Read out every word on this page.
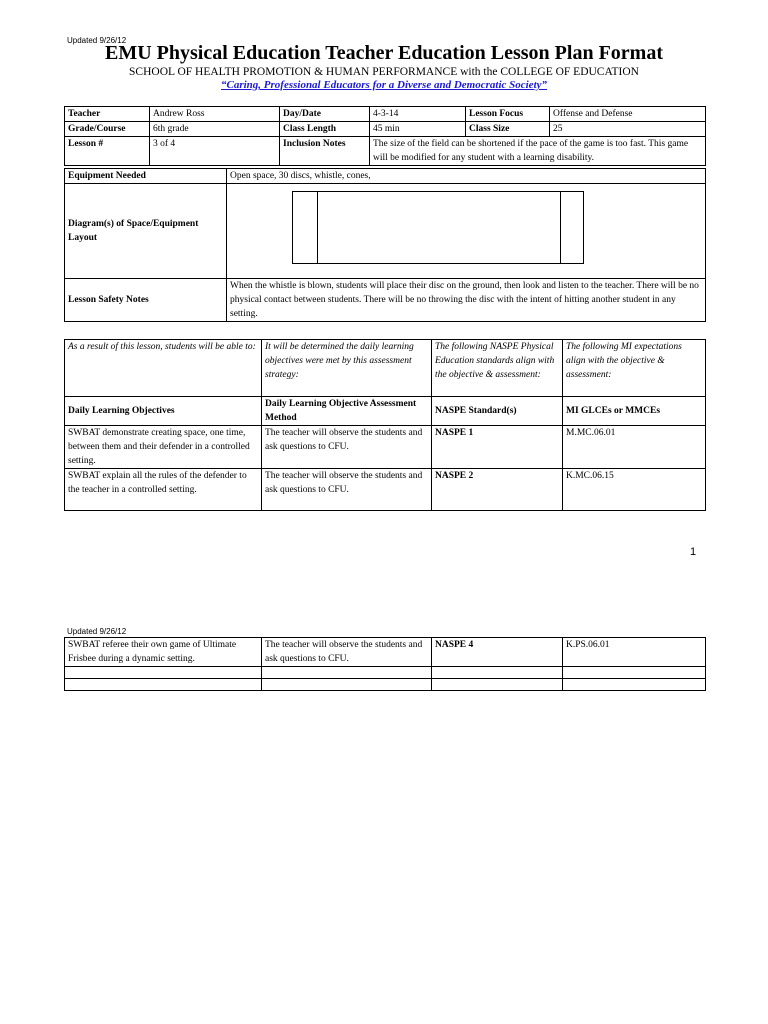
Updated 9/26/12
EMU Physical Education Teacher Education Lesson Plan Format
SCHOOL OF HEALTH PROMOTION & HUMAN PERFORMANCE with the COLLEGE OF EDUCATION
“Caring, Professional Educators for a Diverse and Democratic Society”
Teacher	Andrew Ross	Day/Date	4-3-14	Lesson Focus	Offense and Defense
Grade/Course	6th grade	Class Length	45 min	Class Size	25
Lesson #	3 of 4	Inclusion Notes	The size of the field can be shortened if the pace of the game is too fast. This game will be modified for any student with a learning disability.		
Equipment Needed	Open space, 30 discs, whistle, cones,
Diagram(s) of Space/Equipment Layout	

Lesson Safety Notes	When the whistle is blown, students will place their disc on the ground, then look and listen to the teacher. There will be no physical contact between students. There will be no throwing the disc with the intent of hitting another student in any setting.
As a result of this lesson, students will be able to:	It will be determined the daily learning objectives were met by this assessment strategy:	The following NASPE Physical Education standards align with the objective & assessment:	The following MI expectations align with the objective & assessment:
Daily Learning Objectives	Daily Learning Objective Assessment Method	NASPE Standard(s)	MI GLCEs or MMCEs
SWBAT demonstrate creating space, one time, between them and their defender in a controlled setting.	The teacher will observe the students and ask questions to CFU.	NASPE 1	M.MC.06.01
SWBAT explain all the rules of the defender to the teacher in a controlled setting.	The teacher will observe the students and ask questions to CFU.	NASPE 2	K.MC.06.15
1
Updated 9/26/12
SWBAT referee their own game of Ultimate Frisbee during a dynamic setting.	The teacher will observe the students and ask questions to CFU.	NASPE 4	K.PS.06.01
